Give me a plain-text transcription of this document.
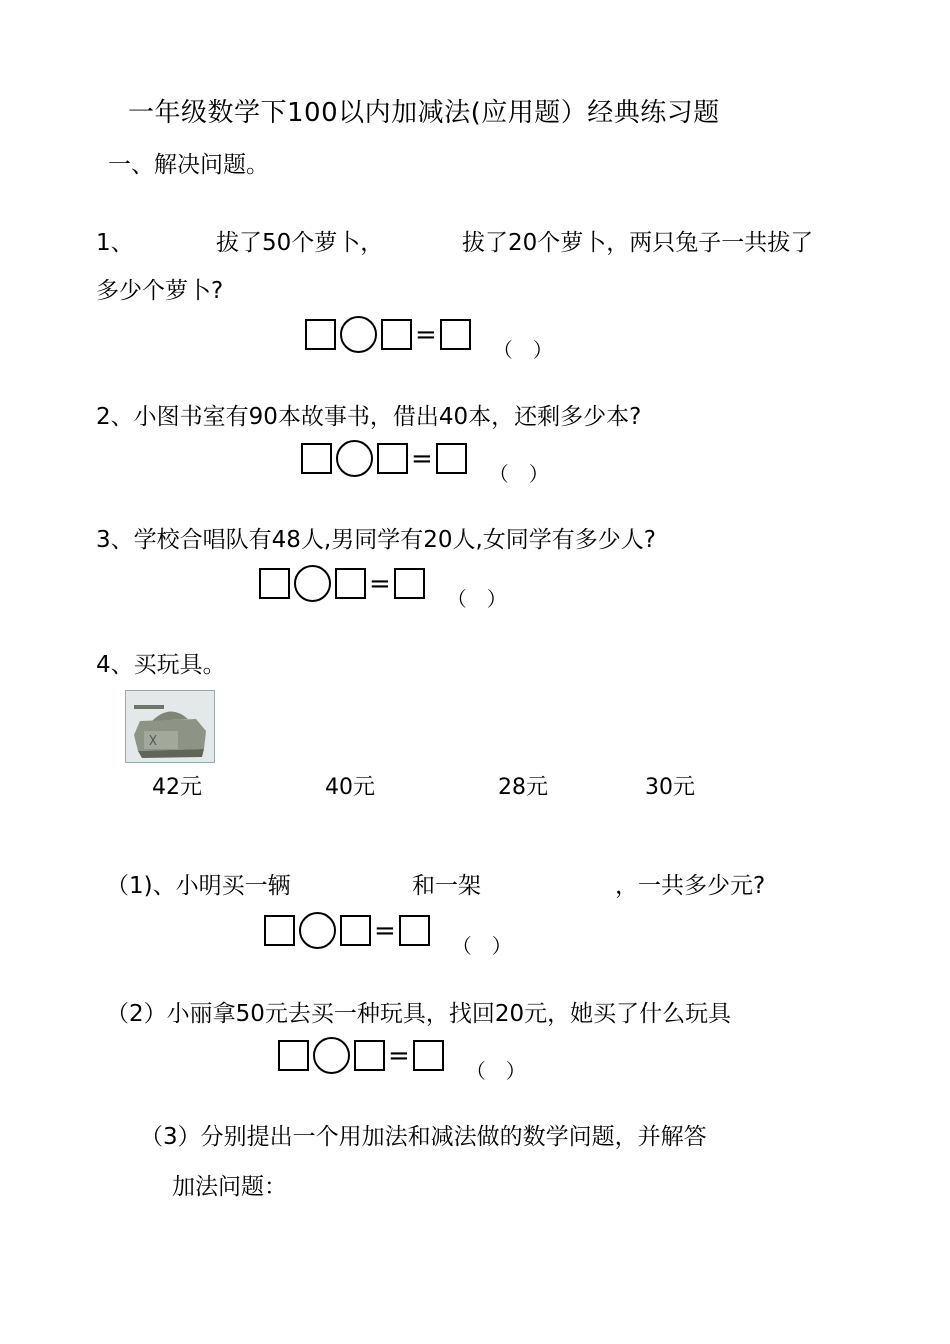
一年级数学下100以内加减法(应用题）经典练习题
一、解决问题。
1、	拔了50个萝卜，	拔了20个萝卜，两只兔子一共拔了
多少个萝卜?
=
（　）
2、小图书室有90本故事书，借出40本，还剩多少本?
=
（　）
3、学校合唱队有48人,男同学有20人,女同学有多少人?
=
（　）
4、买玩具。
42元	40元	28元	30元
（1)、小明买一辆	和一架	，一共多少元?
=
（　）
（2）小丽拿50元去买一种玩具，找回20元，她买了什么玩具
=
（　）
（3）分别提出一个用加法和减法做的数学问题，并解答
加法问题：
